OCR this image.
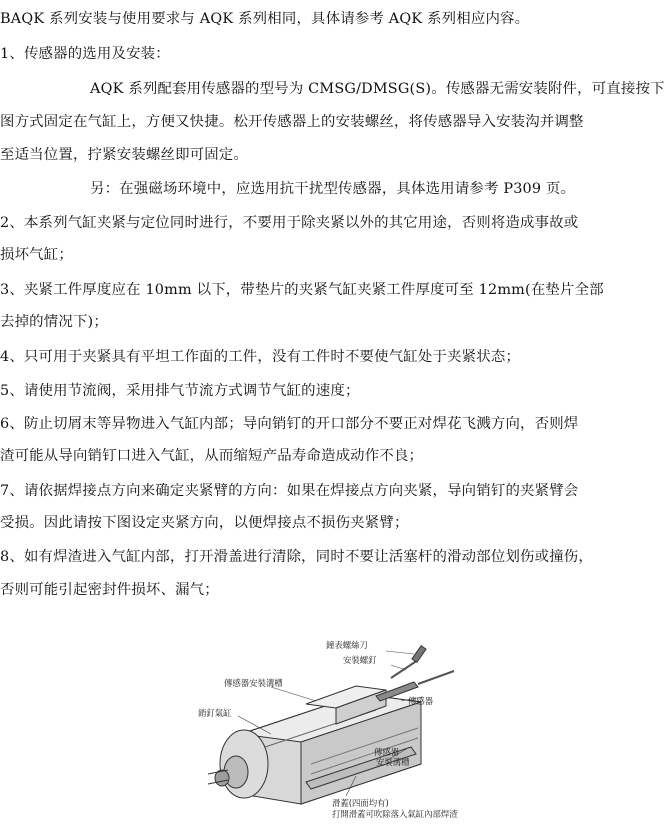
BAQK 系列安装与使用要求与 AQK 系列相同，具体请参考 AQK 系列相应内容。
1、传感器的选用及安装：
AQK 系列配套用传感器的型号为 CMSG/DMSG(S)。传感器无需安装附件，可直接按下
图方式固定在气缸上，方便又快捷。松开传感器上的安装螺丝，将传感器导入安装沟并调整
至适当位置，拧紧安装螺丝即可固定。
另：在强磁场环境中，应选用抗干扰型传感器，具体选用请参考 P309 页。
2、本系列气缸夹紧与定位同时进行，不要用于除夹紧以外的其它用途，否则将造成事故或
损坏气缸；
3、夹紧工件厚度应在 10mm 以下，带垫片的夹紧气缸夹紧工件厚度可至 12mm(在垫片全部
去掉的情况下)；
4、只可用于夹紧具有平坦工作面的工件，没有工件时不要使气缸处于夹紧状态；
5、请使用节流阀，采用排气节流方式调节气缸的速度；
6、防止切屑末等异物进入气缸内部；导向销钉的开口部分不要正对焊花飞溅方向，否则焊
渣可能从导向销钉口进入气缸，从而缩短产品寿命造成动作不良；
7、请依据焊接点方向来确定夹紧臂的方向：如果在焊接点方向夹紧，导向销钉的夹紧臂会
受损。因此请按下图设定夹紧方向，以便焊接点不损伤夹紧臂；
8、如有焊渣进入气缸内部，打开滑盖进行清除，同时不要让活塞杆的滑动部位划伤或撞伤，
否则可能引起密封件损坏、漏气；
鐘表螺絲刀
安裝螺釘
傳感器安裝溝槽
傳感器
銷釘氣缸
傳感器
安裝溝槽
滑蓋(四面均有)
打開滑蓋可吹除落入氣缸內部焊渣
